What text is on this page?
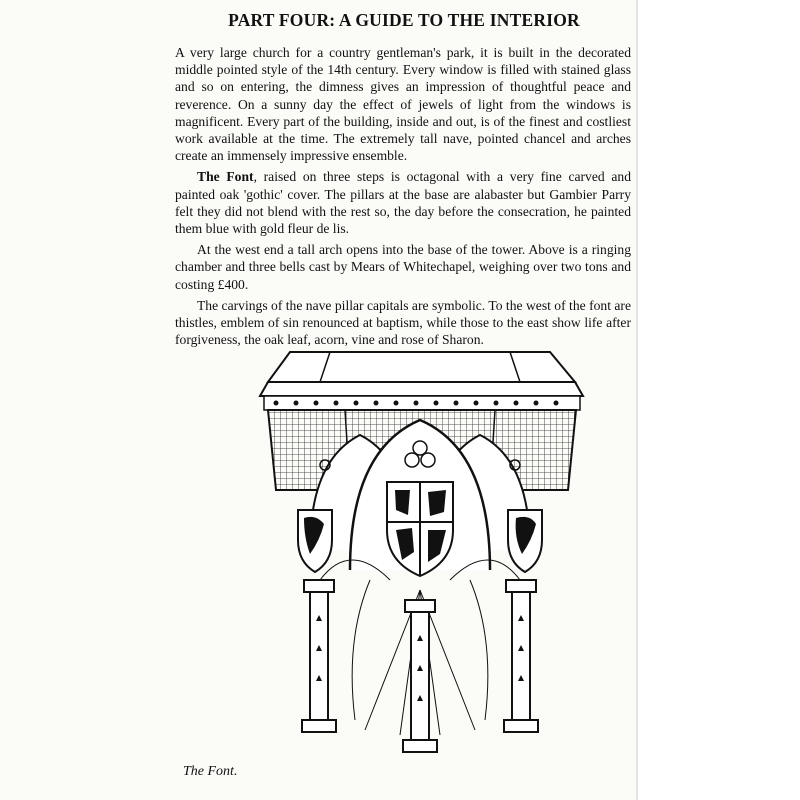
PART FOUR: A GUIDE TO THE INTERIOR

A very large church for a country gentleman's park, it is built in the decorated middle pointed style of the 14th century. Every window is filled with stained glass and so on entering, the dimness gives an impression of thoughtful peace and reverence. On a sunny day the effect of jewels of light from the windows is magnificent. Every part of the building, inside and out, is of the finest and costliest work available at the time. The extremely tall nave, pointed chancel and arches create an immensely impressive ensemble.

The Font, raised on three steps is octagonal with a very fine carved and painted oak 'gothic' cover. The pillars at the base are alabaster but Gambier Parry felt they did not blend with the rest so, the day before the consecration, he painted them blue with gold fleur de lis.

At the west end a tall arch opens into the base of the tower. Above is a ringing chamber and three bells cast by Mears of Whitechapel, weighing over two tons and costing £400.

The carvings of the nave pillar capitals are symbolic. To the west of the font are thistles, emblem of sin renounced at baptism, while those to the east show life after forgiveness, the oak leaf, acorn, vine and rose of Sharon.

The Font.
